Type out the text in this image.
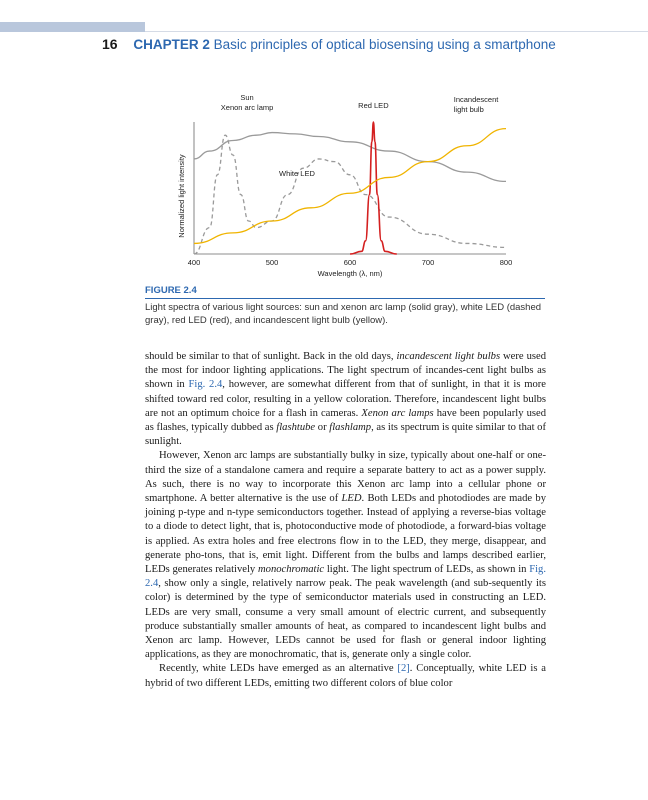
16 CHAPTER 2 Basic principles of optical biosensing using a smartphone
400	500	600	700	800
Wavelength (λ, nm)
Normalized light intensity
Sun
Xenon arc lamp
White LED
Red LED
Incandescent
light bulb
FIGURE 2.4
Light spectra of various light sources: sun and xenon arc lamp (solid gray), white LED (dashed gray), red LED (red), and incandescent light bulb (yellow).

should be similar to that of sunlight. Back in the old days, incandescent light bulbs were used the most for indoor lighting applications. The light spectrum of incandes-cent light bulbs as shown in Fig. 2.4, however, are somewhat different from that of sunlight, in that it is more shifted toward red color, resulting in a yellow coloration. Therefore, incandescent light bulbs are not an optimum choice for a flash in cameras. Xenon arc lamps have been popularly used as flashes, typically dubbed as flashtube or flashlamp, as its spectrum is quite similar to that of sunlight.

However, Xenon arc lamps are substantially bulky in size, typically about one-half or one-third the size of a standalone camera and require a separate battery to act as a power supply. As such, there is no way to incorporate this Xenon arc lamp into a cellular phone or smartphone. A better alternative is the use of LED. Both LEDs and photodiodes are made by joining p-type and n-type semiconductors together. Instead of applying a reverse-bias voltage to a diode to detect light, that is, photoconductive mode of photodiode, a forward-bias voltage is applied. As extra holes and free electrons flow in to the LED, they merge, disappear, and generate pho-tons, that is, emit light. Different from the bulbs and lamps described earlier, LEDs generates relatively monochromatic light. The light spectrum of LEDs, as shown in Fig. 2.4, show only a single, relatively narrow peak. The peak wavelength (and sub-sequently its color) is determined by the type of semiconductor materials used in constructing an LED. LEDs are very small, consume a very small amount of electric current, and subsequently produce substantially smaller amounts of heat, as compared to incandescent light bulbs and Xenon arc lamp. However, LEDs cannot be used for flash or general indoor lighting applications, as they are monochromatic, that is, generate only a single color.

Recently, white LEDs have emerged as an alternative [2]. Conceptually, white LED is a hybrid of two different LEDs, emitting two different colors of blue color
